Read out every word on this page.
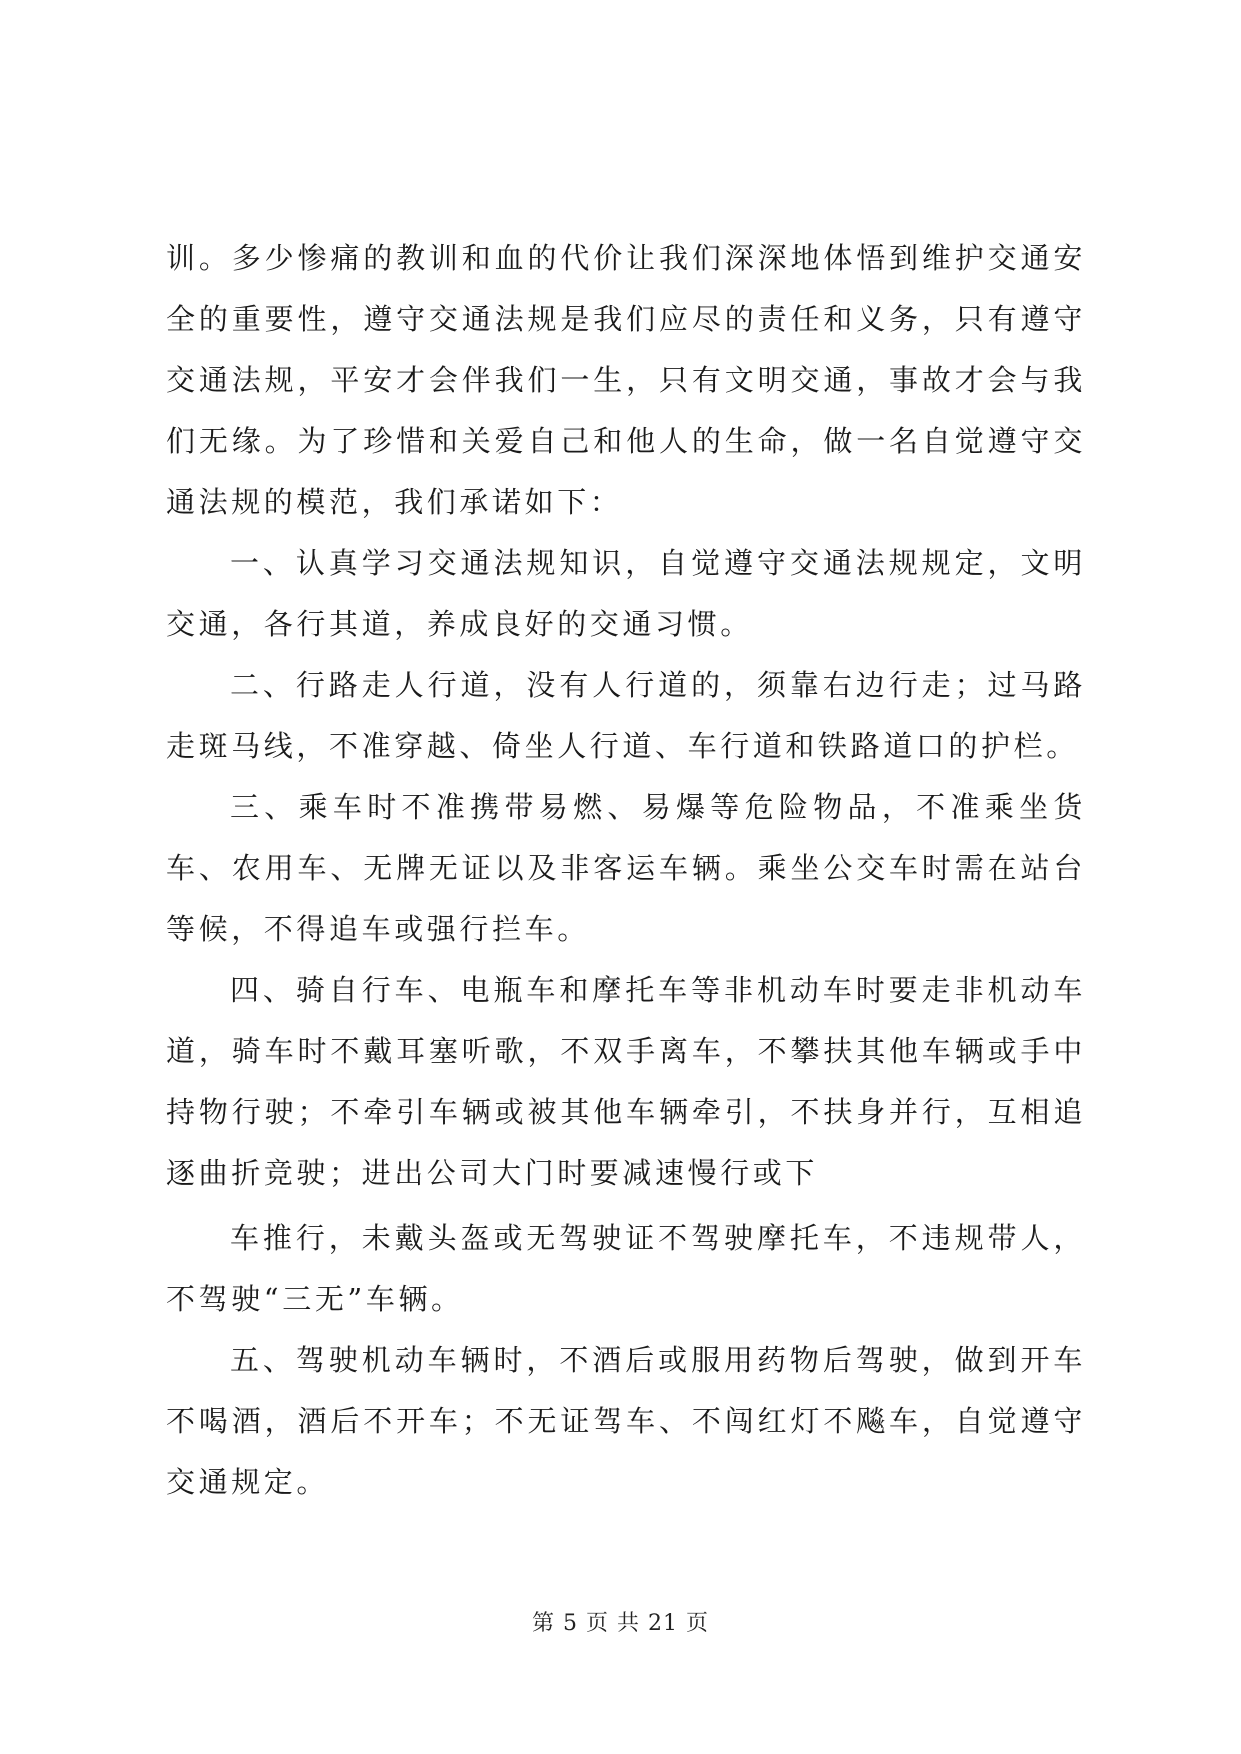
训。多少惨痛的教训和血的代价让我们深深地体悟到维护交通安全的重要性，遵守交通法规是我们应尽的责任和义务，只有遵守交通法规，平安才会伴我们一生，只有文明交通，事故才会与我们无缘。为了珍惜和关爱自己和他人的生命，做一名自觉遵守交通法规的模范，我们承诺如下：

一、认真学习交通法规知识，自觉遵守交通法规规定，文明交通，各行其道，养成良好的交通习惯。

二、行路走人行道，没有人行道的，须靠右边行走；过马路走斑马线，不准穿越、倚坐人行道、车行道和铁路道口的护栏。

三、乘车时不准携带易燃、易爆等危险物品，不准乘坐货车、农用车、无牌无证以及非客运车辆。乘坐公交车时需在站台等候，不得追车或强行拦车。

四、骑自行车、电瓶车和摩托车等非机动车时要走非机动车道，骑车时不戴耳塞听歌，不双手离车，不攀扶其他车辆或手中持物行驶；不牵引车辆或被其他车辆牵引，不扶身并行，互相追逐曲折竞驶；进出公司大门时要减速慢行或下

车推行，未戴头盔或无驾驶证不驾驶摩托车，不违规带人，不驾驶“三无”车辆。

五、驾驶机动车辆时，不酒后或服用药物后驾驶，做到开车不喝酒，酒后不开车；不无证驾车、不闯红灯不飚车，自觉遵守交通规定。

第 5 页 共 21 页
